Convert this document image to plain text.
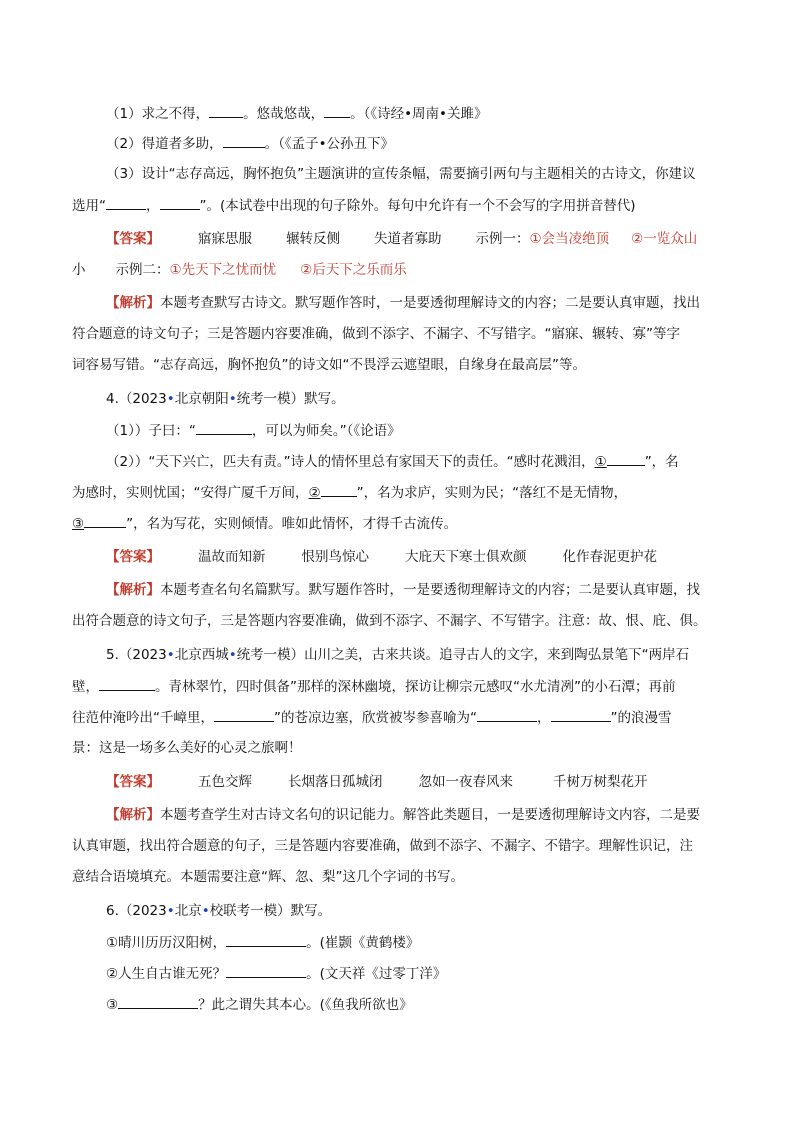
（1）求之不得，	。悠哉悠哉， 。（《诗经•周南•关雎》
（2）得道者多助，	。（《孟子•公孙丑下》
（3）设计“志存高远，胸怀抱负”主题演讲的宣传条幅，需要摘引两句与主题相关的古诗文，你建议
选用“	，	”。(本试卷中出现的句子除外。每句中允许有一个不会写的字用拼音替代)
【答案】	寤寐思服	辗转反侧	失道者寡助	示例一：①会当凌绝顶 ②一览众山
小 示例二：①先天下之忧而忧 ②后天下之乐而乐
【解析】本题考查默写古诗文。默写题作答时，一是要透彻理解诗文的内容；二是要认真审题，找出
符合题意的诗文句子；三是答题内容要准确，做到不添字、不漏字、不写错字。“寤寐、辗转、寡”等字
词容易写错。“志存高远，胸怀抱负”的诗文如“不畏浮云遮望眼，自缘身在最高层”等。
4.（2023•北京朝阳•统考一模）默写。
（1））子曰：“	，可以为师矣。”（《论语》
（2））“天下兴亡，匹夫有责。”诗人的情怀里总有家国天下的责任。“感时花溅泪，①	”，名
为感时，实则忧国；“安得广厦千万间，②	”，名为求庐，实则为民；“落红不是无情物，
③	”，名为写花，实则倾情。唯如此情怀，才得千古流传。
【答案】	温故而知新	恨别鸟惊心	大庇天下寒士俱欢颜	化作春泥更护花
【解析】本题考查名句名篇默写。默写题作答时，一是要透彻理解诗文的内容；二是要认真审题，找
出符合题意的诗文句子，三是答题内容要准确，做到不添字、不漏字、不写错字。注意：故、恨、庇、俱。
5.（2023•北京西城•统考一模）山川之美，古来共谈。追寻古人的文字，来到陶弘景笔下“两岸石
壁，	。青林翠竹，四时俱备”那样的深林幽境，探访让柳宗元感叹“水尤清冽”的小石潭；再前
往范仲淹吟出“千嶂里，	”的苍凉边塞，欣赏被岑参喜喻为“	，	”的浪漫雪
景：这是一场多么美好的心灵之旅啊！
【答案】	五色交辉	长烟落日孤城闭	忽如一夜春风来	千树万树梨花开
【解析】本题考查学生对古诗文名句的识记能力。解答此类题目，一是要透彻理解诗文内容，二是要
认真审题，找出符合题意的句子，三是答题内容要准确，做到不添字、不漏字、不错字。理解性识记，注
意结合语境填充。本题需要注意“辉、忽、梨”这几个字词的书写。
6.（2023•北京•校联考一模）默写。
①晴川历历汉阳树，	。(崔颢《黄鹤楼》
②人生自古谁无死？	。(文天祥《过零丁洋》
③	？此之谓失其本心。(《鱼我所欲也》
